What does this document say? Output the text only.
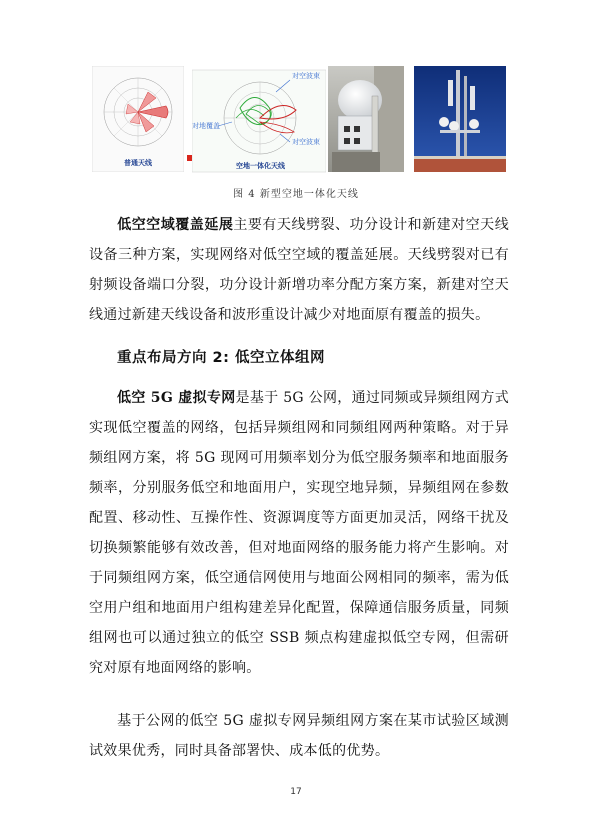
普通天线
对空波束
对地覆盖
对空波束
空地一体化天线
图 4 新型空地一体化天线

低空空域覆盖延展主要有天线劈裂、功分设计和新建对空天线设备三种方案，实现网络对低空空域的覆盖延展。天线劈裂对已有射频设备端口分裂，功分设计新增功率分配方案方案，新建对空天线通过新建天线设备和波形重设计减少对地面原有覆盖的损失。

重点布局方向 2: 低空立体组网

低空 5G 虚拟专网是基于 5G 公网，通过同频或异频组网方式实现低空覆盖的网络，包括异频组网和同频组网两种策略。对于异频组网方案，将 5G 现网可用频率划分为低空服务频率和地面服务频率，分别服务低空和地面用户，实现空地异频，异频组网在参数配置、移动性、互操作性、资源调度等方面更加灵活，网络干扰及切换频繁能够有效改善，但对地面网络的服务能力将产生影响。对于同频组网方案，低空通信网使用与地面公网相同的频率，需为低空用户组和地面用户组构建差异化配置，保障通信服务质量，同频组网也可以通过独立的低空 SSB 频点构建虚拟低空专网，但需研究对原有地面网络的影响。

基于公网的低空 5G 虚拟专网异频组网方案在某市试验区域测试效果优秀，同时具备部署快、成本低的优势。

17
